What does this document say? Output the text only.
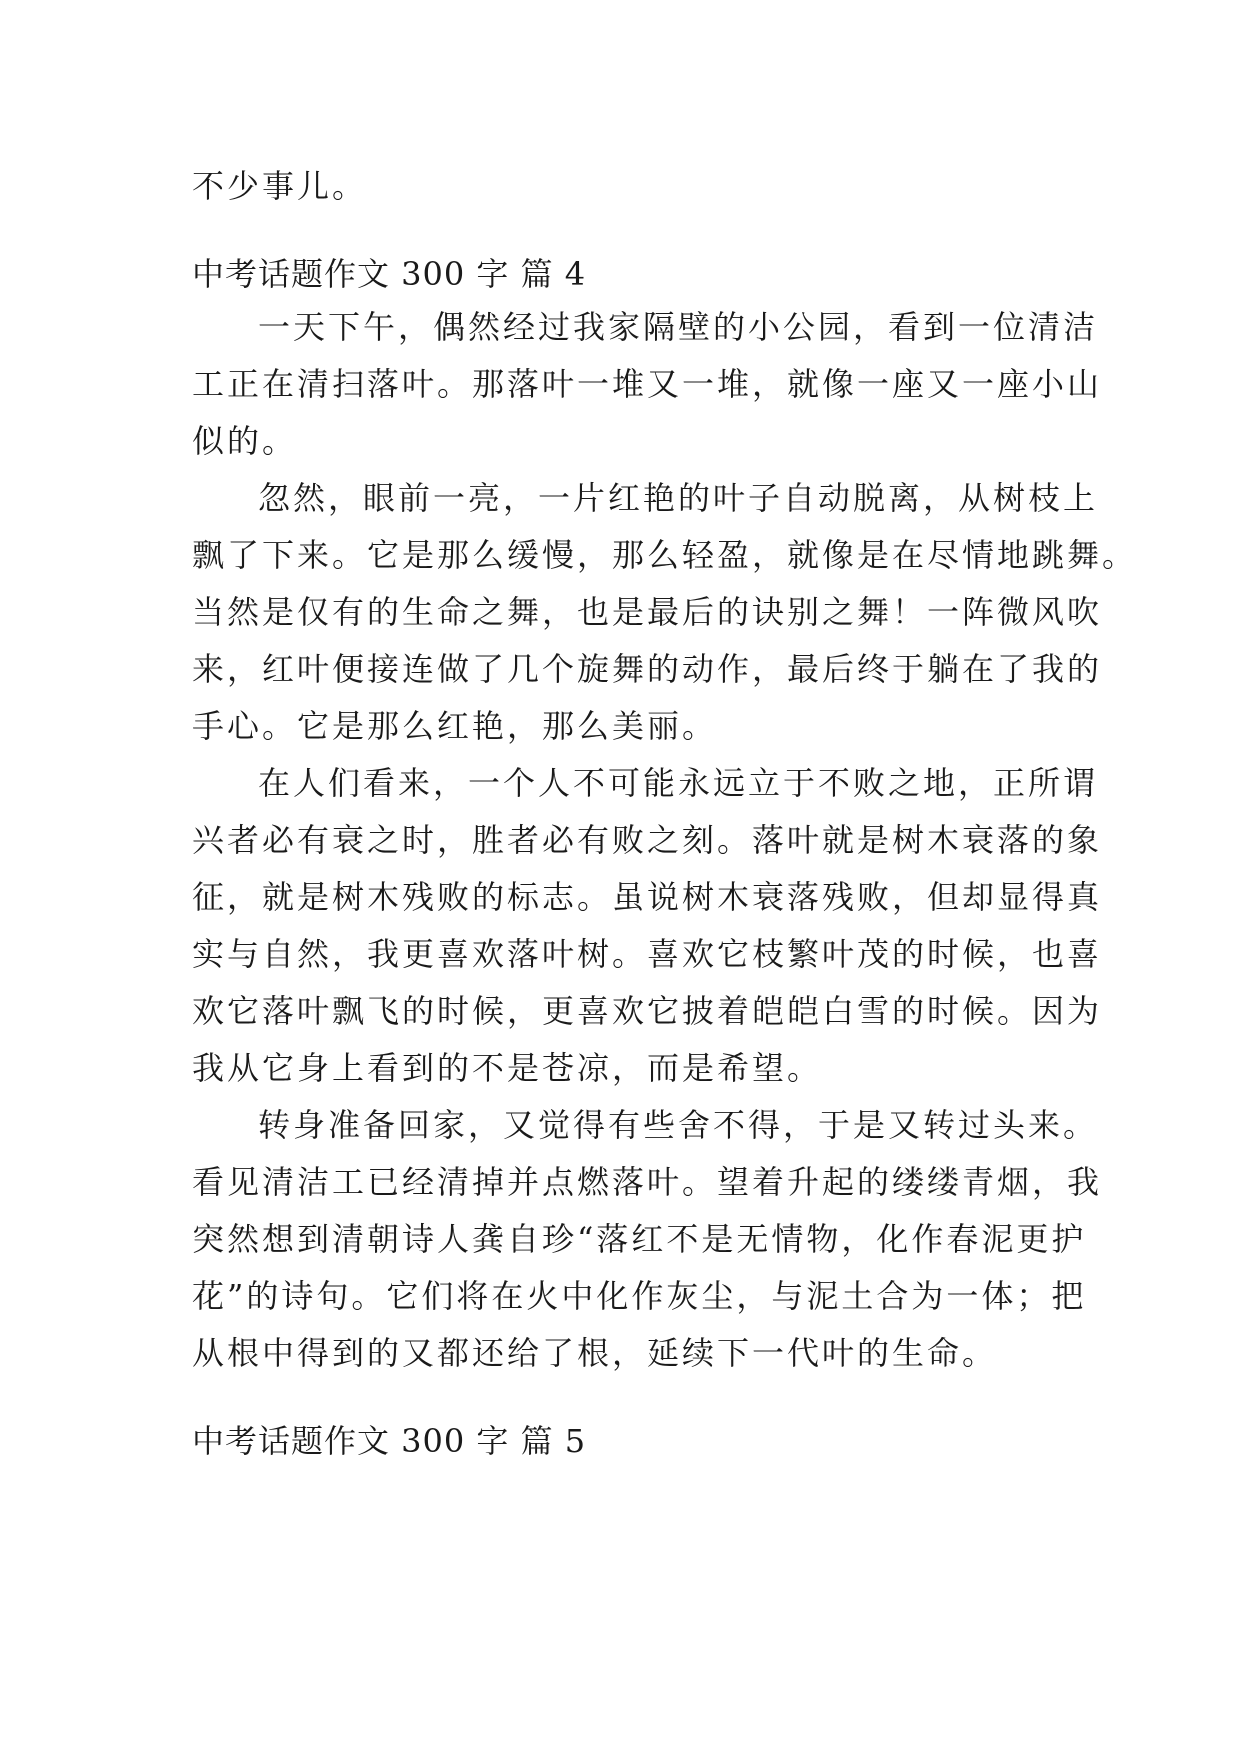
不少事儿。
中考话题作文 300 字 篇 4
一天下午，偶然经过我家隔壁的小公园，看到一位清洁
工正在清扫落叶。那落叶一堆又一堆，就像一座又一座小山
似的。
忽然，眼前一亮，一片红艳的叶子自动脱离，从树枝上
飘了下来。它是那么缓慢，那么轻盈，就像是在尽情地跳舞。
当然是仅有的生命之舞，也是最后的诀别之舞！一阵微风吹
来，红叶便接连做了几个旋舞的动作，最后终于躺在了我的
手心。它是那么红艳，那么美丽。
在人们看来，一个人不可能永远立于不败之地，正所谓
兴者必有衰之时，胜者必有败之刻。落叶就是树木衰落的象
征，就是树木残败的标志。虽说树木衰落残败，但却显得真
实与自然，我更喜欢落叶树。喜欢它枝繁叶茂的时候，也喜
欢它落叶飘飞的时候，更喜欢它披着皑皑白雪的时候。因为
我从它身上看到的不是苍凉，而是希望。
转身准备回家，又觉得有些舍不得，于是又转过头来。
看见清洁工已经清掉并点燃落叶。望着升起的缕缕青烟，我
突然想到清朝诗人龚自珍“落红不是无情物，化作春泥更护
花”的诗句。它们将在火中化作灰尘，与泥土合为一体；把
从根中得到的又都还给了根，延续下一代叶的生命。
中考话题作文 300 字 篇 5
